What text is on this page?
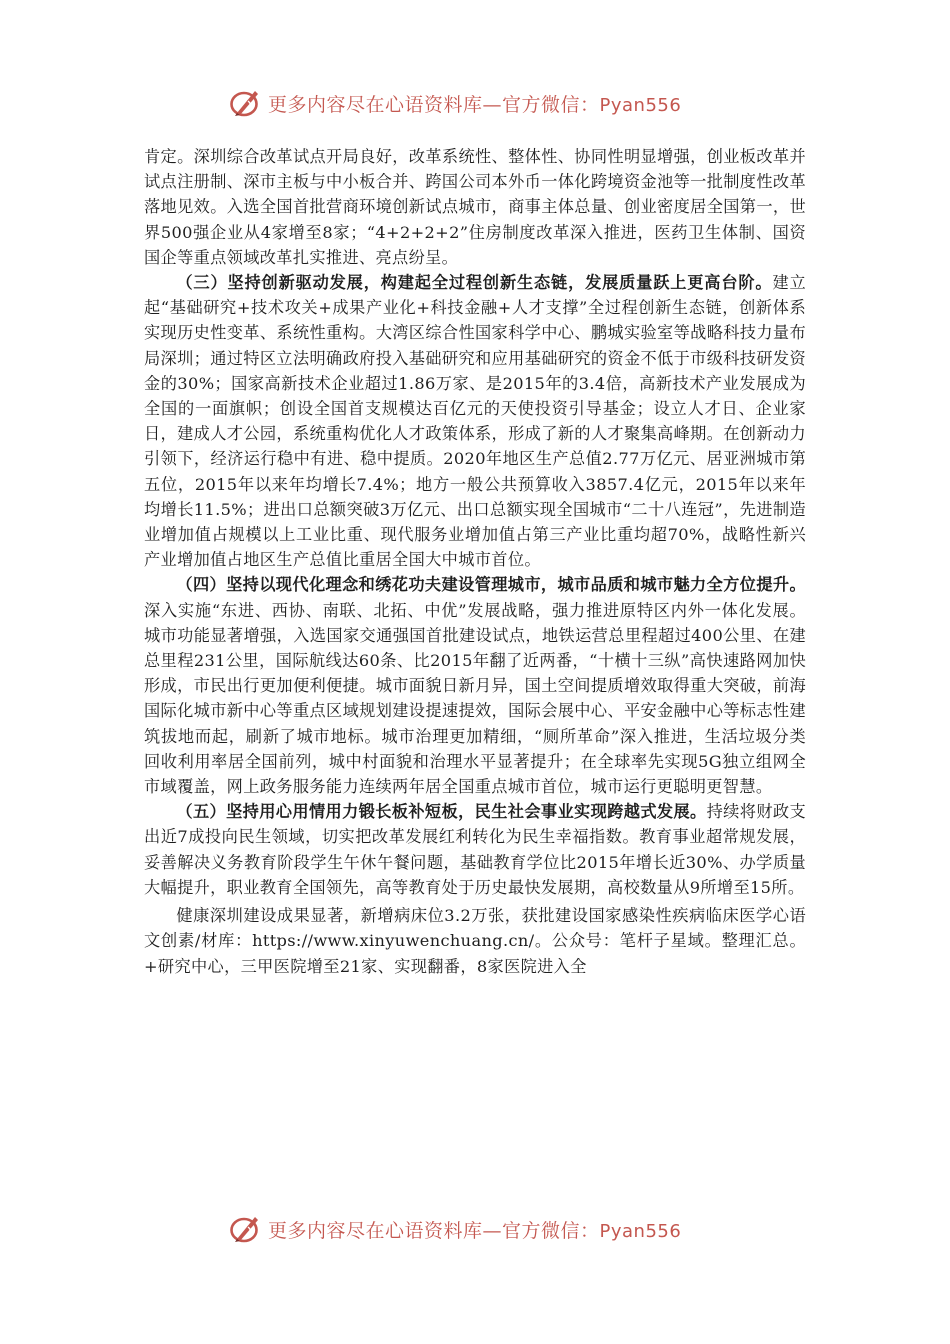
更多内容尽在心语资料库—官方微信：Pyan556

肯定。深圳综合改革试点开局良好，改革系统性、整体性、协同性明显增强，创业板改革并试点注册制、深市主板与中小板合并、跨国公司本外币一体化跨境资金池等一批制度性改革落地见效。入选全国首批营商环境创新试点城市，商事主体总量、创业密度居全国第一，世界500强企业从4家增至8家；“4+2+2+2”住房制度改革深入推进，医药卫生体制、国资国企等重点领域改革扎实推进、亮点纷呈。

（三）坚持创新驱动发展，构建起全过程创新生态链，发展质量跃上更高台阶。建立起“基础研究+技术攻关+成果产业化+科技金融+人才支撑”全过程创新生态链，创新体系实现历史性变革、系统性重构。大湾区综合性国家科学中心、鹏城实验室等战略科技力量布局深圳；通过特区立法明确政府投入基础研究和应用基础研究的资金不低于市级科技研发资金的30%；国家高新技术企业超过1.86万家、是2015年的3.4倍，高新技术产业发展成为全国的一面旗帜；创设全国首支规模达百亿元的天使投资引导基金；设立人才日、企业家日，建成人才公园，系统重构优化人才政策体系，形成了新的人才聚集高峰期。在创新动力引领下，经济运行稳中有进、稳中提质。2020年地区生产总值2.77万亿元、居亚洲城市第五位，2015年以来年均增长7.4%；地方一般公共预算收入3857.4亿元，2015年以来年均增长11.5%；进出口总额突破3万亿元、出口总额实现全国城市“二十八连冠”，先进制造业增加值占规模以上工业比重、现代服务业增加值占第三产业比重均超70%，战略性新兴产业增加值占地区生产总值比重居全国大中城市首位。

（四）坚持以现代化理念和绣花功夫建设管理城市，城市品质和城市魅力全方位提升。深入实施“东进、西协、南联、北拓、中优”发展战略，强力推进原特区内外一体化发展。城市功能显著增强，入选国家交通强国首批建设试点，地铁运营总里程超过400公里、在建总里程231公里，国际航线达60条、比2015年翻了近两番，“十横十三纵”高快速路网加快形成，市民出行更加便利便捷。城市面貌日新月异，国土空间提质增效取得重大突破，前海国际化城市新中心等重点区域规划建设提速提效，国际会展中心、平安金融中心等标志性建筑拔地而起，刷新了城市地标。城市治理更加精细，“厕所革命”深入推进，生活垃圾分类回收利用率居全国前列，城中村面貌和治理水平显著提升；在全球率先实现5G独立组网全市域覆盖，网上政务服务能力连续两年居全国重点城市首位，城市运行更聪明更智慧。

（五）坚持用心用情用力锻长板补短板，民生社会事业实现跨越式发展。持续将财政支出近7成投向民生领域，切实把改革发展红利转化为民生幸福指数。教育事业超常规发展，妥善解决义务教育阶段学生午休午餐问题，基础教育学位比2015年增长近30%、办学质量大幅提升，职业教育全国领先，高等教育处于历史最快发展期，高校数量从9所增至15所。

健康深圳建设成果显著，新增病床位3.2万张，获批建设国家感染性疾病临床医学心语文创素/材库：https://www.xinyuwenchuang.cn/。公众号：笔杆子星域。整理汇总。+研究中心，三甲医院增至21家、实现翻番，8家医院进入全

更多内容尽在心语资料库—官方微信：Pyan556
